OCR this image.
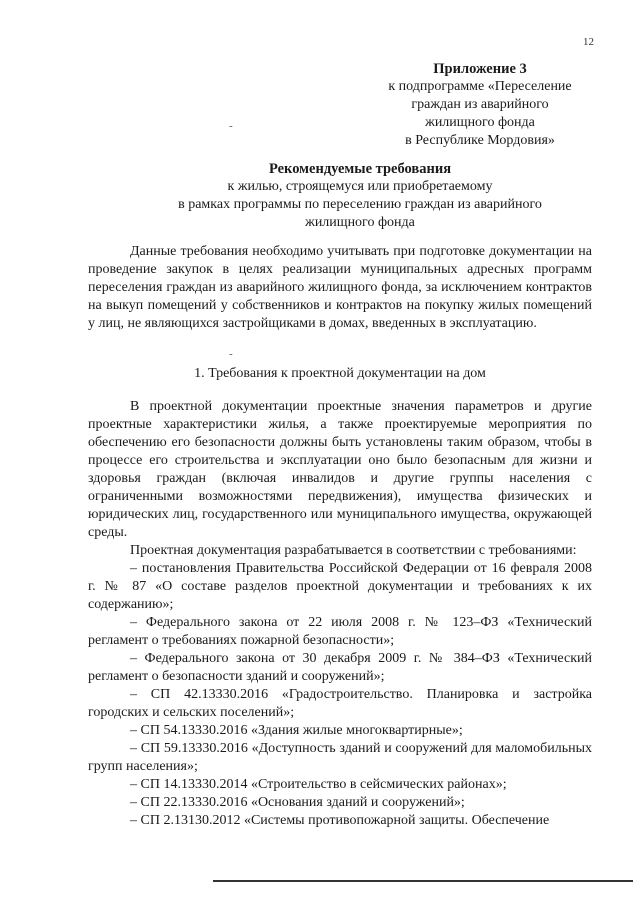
12
Приложение 3
к подпрограмме «Переселение
граждан из аварийного
жилищного фонда
в Республике Мордовия»
-
Рекомендуемые требования
к жилью, строящемуся или приобретаемому
в рамках программы по переселению граждан из аварийного
жилищного фонда

Данные требования необходимо учитывать при подготовке документации на проведение закупок в целях реализации муниципальных адресных программ переселения граждан из аварийного жилищного фонда, за исключением контрактов на выкуп помещений у собственников и контрактов на покупку жилых помещений у лиц, не являющихся застройщиками в домах, введенных в эксплуатацию.

-
1. Требования к проектной документации на дом

В проектной документации проектные значения параметров и другие проектные характеристики жилья, а также проектируемые мероприятия по обеспечению его безопасности должны быть установлены таким образом, чтобы в процессе его строительства и эксплуатации оно было безопасным для жизни и здоровья граждан (включая инвалидов и другие группы населения с ограниченными возможностями передвижения), имущества физических и юридических лиц, государственного или муниципального имущества, окружающей среды.

Проектная документация разрабатывается в соответствии с требованиями:

– постановления Правительства Российской Федерации от 16 февраля 2008 г. № 87 «О составе разделов проектной документации и требованиях к их содержанию»;

– Федерального закона от 22 июля 2008 г. № 123–ФЗ «Технический регламент о требованиях пожарной безопасности»;

– Федерального закона от 30 декабря 2009 г. № 384–ФЗ «Технический регламент о безопасности зданий и сооружений»;

– СП 42.13330.2016 «Градостроительство. Планировка и застройка городских и сельских поселений»;

– СП 54.13330.2016 «Здания жилые многоквартирные»;

– СП 59.13330.2016 «Доступность зданий и сооружений для маломобильных групп населения»;

– СП 14.13330.2014 «Строительство в сейсмических районах»;

– СП 22.13330.2016 «Основания зданий и сооружений»;

– СП 2.13130.2012 «Системы противопожарной защиты. Обеспечение
